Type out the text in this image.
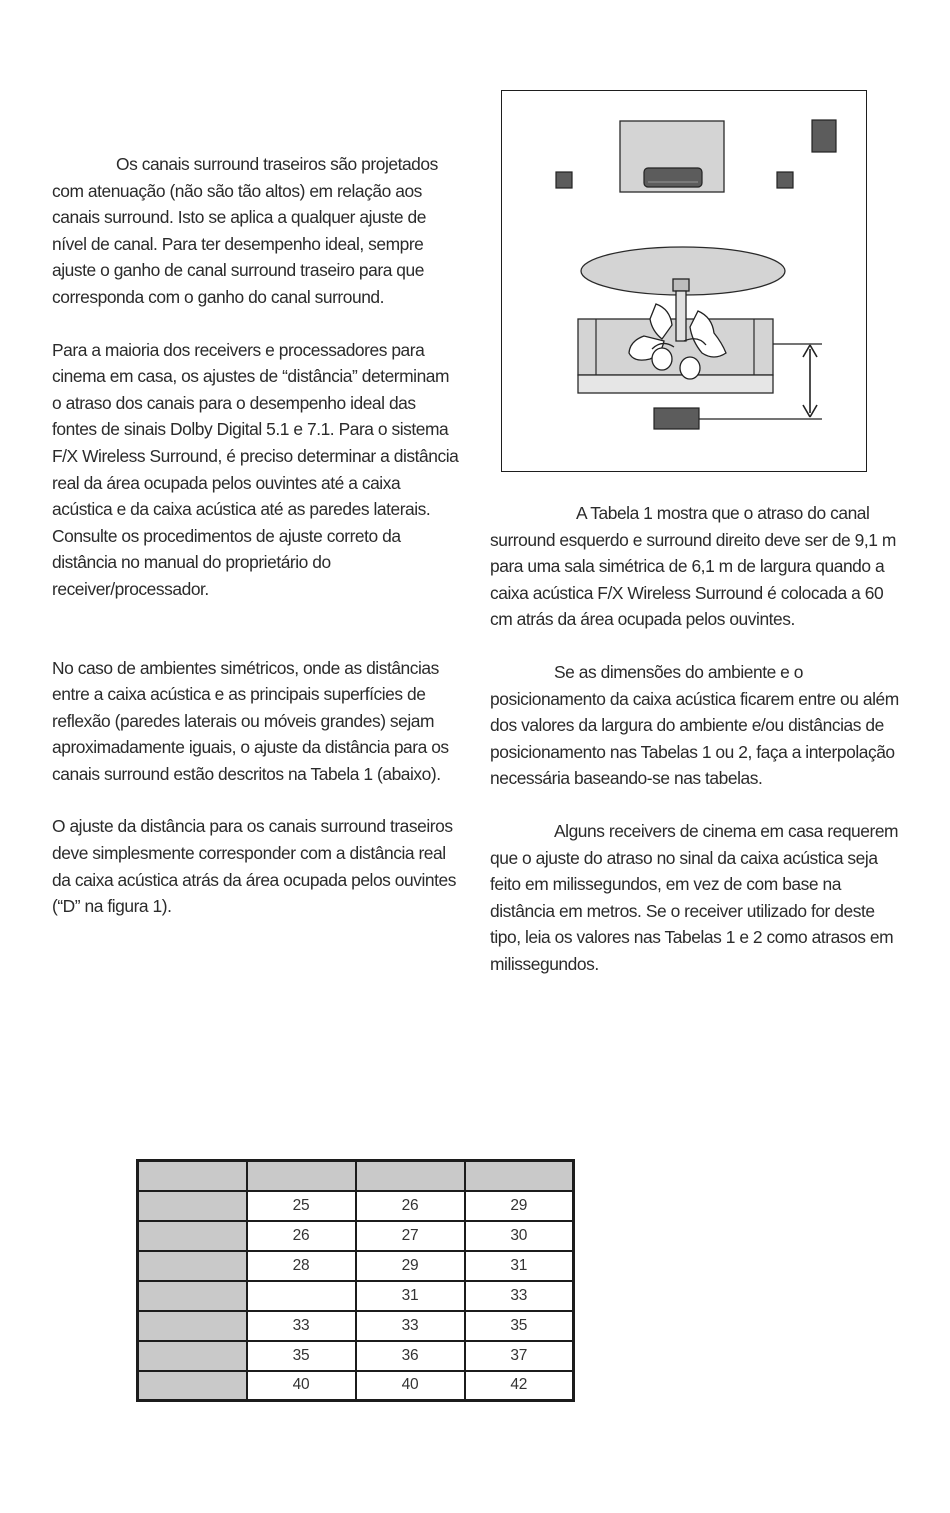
Os canais surround traseiros são projetados com atenuação (não são tão altos) em relação aos canais surround. Isto se aplica a qualquer ajuste de nível de canal. Para ter desempenho ideal, sempre ajuste o ganho de canal surround traseiro para que corresponda com o ganho do canal surround.

Para a maioria dos receivers e processadores para cinema em casa, os ajustes de “distância” determinam o atraso dos canais para o desempenho ideal das fontes de sinais Dolby Digital 5.1 e 7.1. Para o sistema F/X Wireless Surround, é preciso determinar a distância real da área ocupada pelos ouvintes até a caixa acústica e da caixa acústica até as paredes laterais.

Consulte os procedimentos de ajuste correto da distância no manual do proprietário do receiver/processador.

No caso de ambientes simétricos, onde as distâncias entre a caixa acústica e as principais superfícies de reflexão (paredes laterais ou móveis grandes) sejam aproximadamente iguais, o ajuste da distância para os canais surround estão descritos na Tabela 1 (abaixo).

O ajuste da distância para os canais surround traseiros deve simplesmente corresponder com a distância real da caixa acústica atrás da área ocupada pelos ouvintes (“D” na figura 1).

A Tabela 1 mostra que o atraso do canal surround esquerdo e surround direito deve ser de 9,1 m para uma sala simétrica de 6,1 m de largura quando a caixa acústica F/X Wireless Surround é colocada a 60 cm atrás da área ocupada pelos ouvintes.

Se as dimensões do ambiente e o posicionamento da caixa acústica ficarem entre ou além dos valores da largura do ambiente e/ou distâncias de posicionamento nas Tabelas 1 ou 2, faça a interpolação necessária baseando-se nas tabelas.

Alguns receivers de cinema em casa requerem que o ajuste do atraso no sinal da caixa acústica seja feito em milissegundos, em vez de com base na distância em metros. Se o receiver utilizado for deste tipo, leia os valores nas Tabelas 1 e 2 como atrasos em milissegundos.

	25	26	29
	26	27	30
	28	29	31
		31	33
	33	33	35
	35	36	37
	40	40	42
